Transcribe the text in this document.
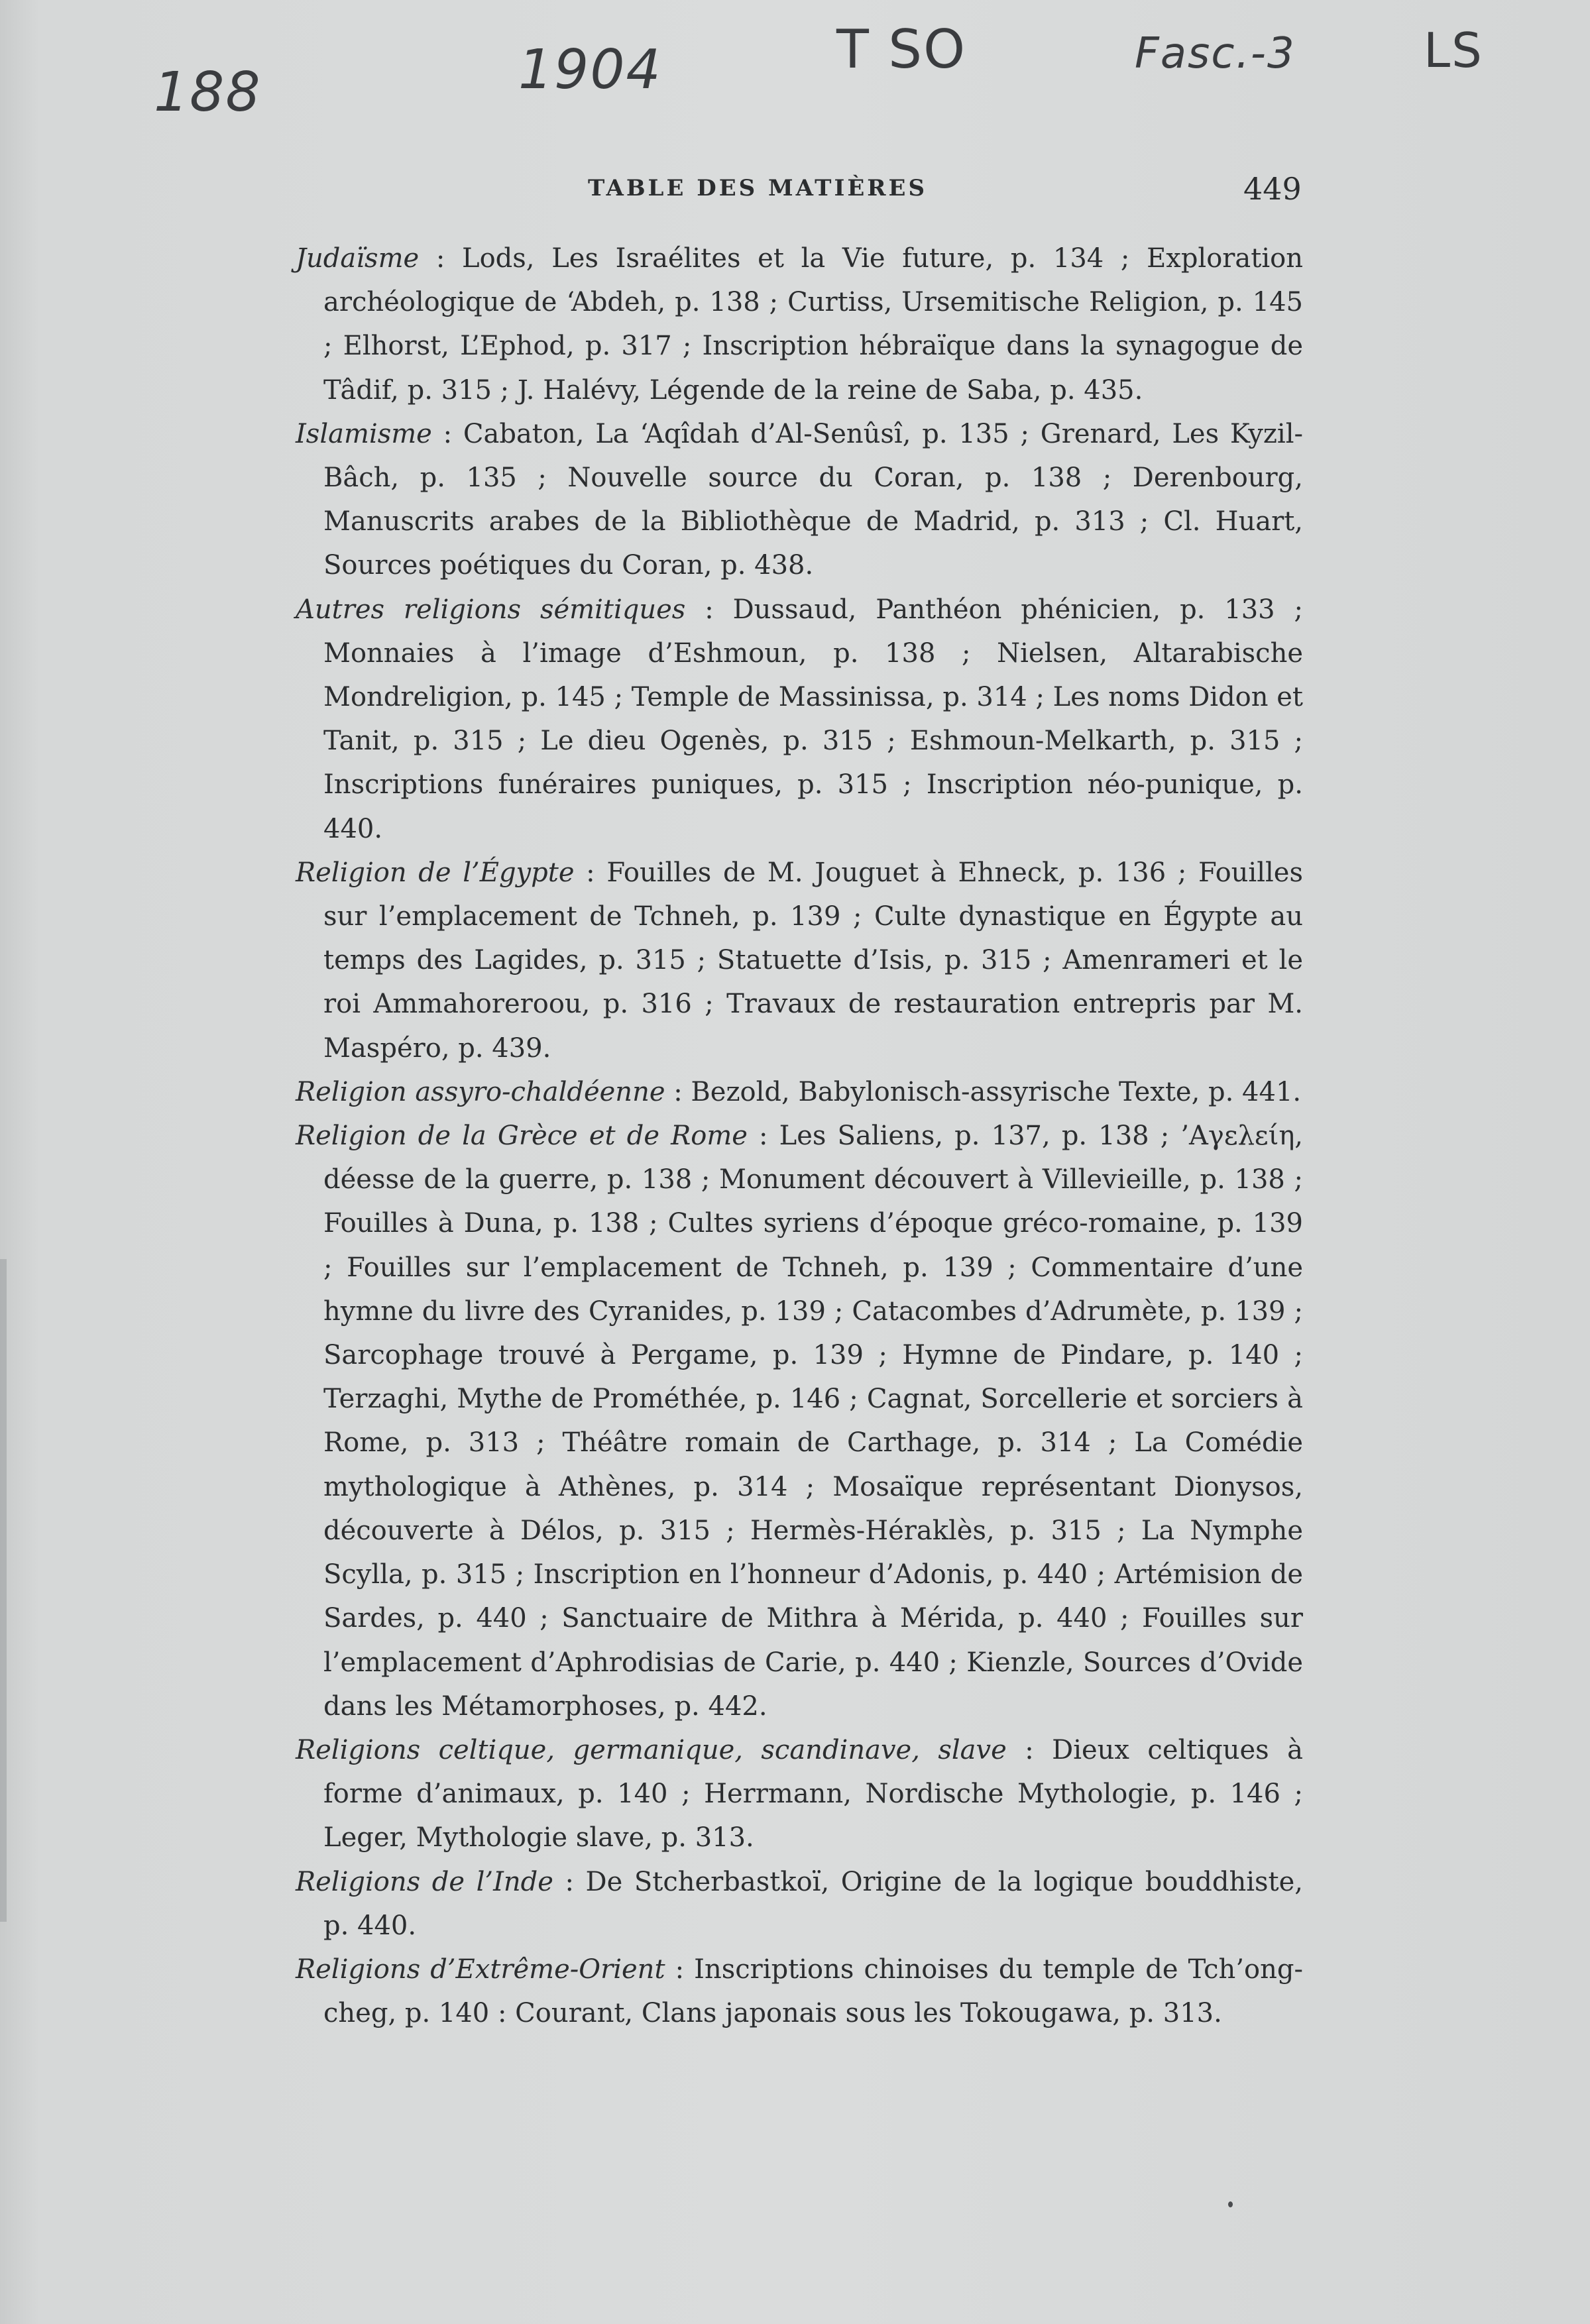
188	1904	T SO	Fasc.-3	LS
TABLE DES MATIÈRES	449
Judaïsme : Lods, Les Israélites et la Vie future, p. 134 ; Exploration archéologique de ‘Abdeh, p. 138 ; Curtiss, Ursemitische Religion, p. 145 ; Elhorst, L’Ephod, p. 317 ; Inscription hébraïque dans la synagogue de Tâdif, p. 315 ; J. Halévy, Légende de la reine de Saba, p. 435.
Islamisme : Cabaton, La ‘Aqîdah d’Al-Senûsî, p. 135 ; Grenard, Les Kyzil-Bâch, p. 135 ; Nouvelle source du Coran, p. 138 ; Derenbourg, Manuscrits arabes de la Bibliothèque de Madrid, p. 313 ; Cl. Huart, Sources poétiques du Coran, p. 438.
Autres religions sémitiques : Dussaud, Panthéon phénicien, p. 133 ; Monnaies à l’image d’Eshmoun, p. 138 ; Nielsen, Altarabische Mondreligion, p. 145 ; Temple de Massinissa, p. 314 ; Les noms Didon et Tanit, p. 315 ; Le dieu Ogenès, p. 315 ; Eshmoun-Melkarth, p. 315 ; Inscriptions funéraires puniques, p. 315 ; Inscription néo-punique, p. 440.
Religion de l’Égypte : Fouilles de M. Jouguet à Ehneck, p. 136 ; Fouilles sur l’emplacement de Tchneh, p. 139 ; Culte dynastique en Égypte au temps des Lagides, p. 315 ; Statuette d’Isis, p. 315 ; Amenrameri et le roi Ammahoreroou, p. 316 ; Travaux de restauration entrepris par M. Maspéro, p. 439.
Religion assyro-chaldéenne : Bezold, Babylonisch-assyrische Texte, p. 441.
Religion de la Grèce et de Rome : Les Saliens, p. 137, p. 138 ; ’Αγελείη, déesse de la guerre, p. 138 ; Monument découvert à Villevieille, p. 138 ; Fouilles à Duna, p. 138 ; Cultes syriens d’époque gréco-romaine, p. 139 ; Fouilles sur l’emplacement de Tchneh, p. 139 ; Commentaire d’une hymne du livre des Cyranides, p. 139 ; Catacombes d’Adrumète, p. 139 ; Sarcophage trouvé à Pergame, p. 139 ; Hymne de Pindare, p. 140 ; Terzaghi, Mythe de Prométhée, p. 146 ; Cagnat, Sorcellerie et sorciers à Rome, p. 313 ; Théâtre romain de Carthage, p. 314 ; La Comédie mythologique à Athènes, p. 314 ; Mosaïque représentant Dionysos, découverte à Délos, p. 315 ; Hermès-Héraklès, p. 315 ; La Nymphe Scylla, p. 315 ; Inscription en l’honneur d’Adonis, p. 440 ; Artémision de Sardes, p. 440 ; Sanctuaire de Mithra à Mérida, p. 440 ; Fouilles sur l’emplacement d’Aphrodisias de Carie, p. 440 ; Kienzle, Sources d’Ovide dans les Métamorphoses, p. 442.
Religions celtique, germanique, scandinave, slave : Dieux celtiques à forme d’animaux, p. 140 ; Herrmann, Nordische Mythologie, p. 146 ; Leger, Mythologie slave, p. 313.
Religions de l’Inde : De Stcherbastkoï, Origine de la logique bouddhiste, p. 440.
Religions d’Extrême-Orient : Inscriptions chinoises du temple de Tch’ong-cheg, p. 140 : Courant, Clans japonais sous les Tokougawa, p. 313.
